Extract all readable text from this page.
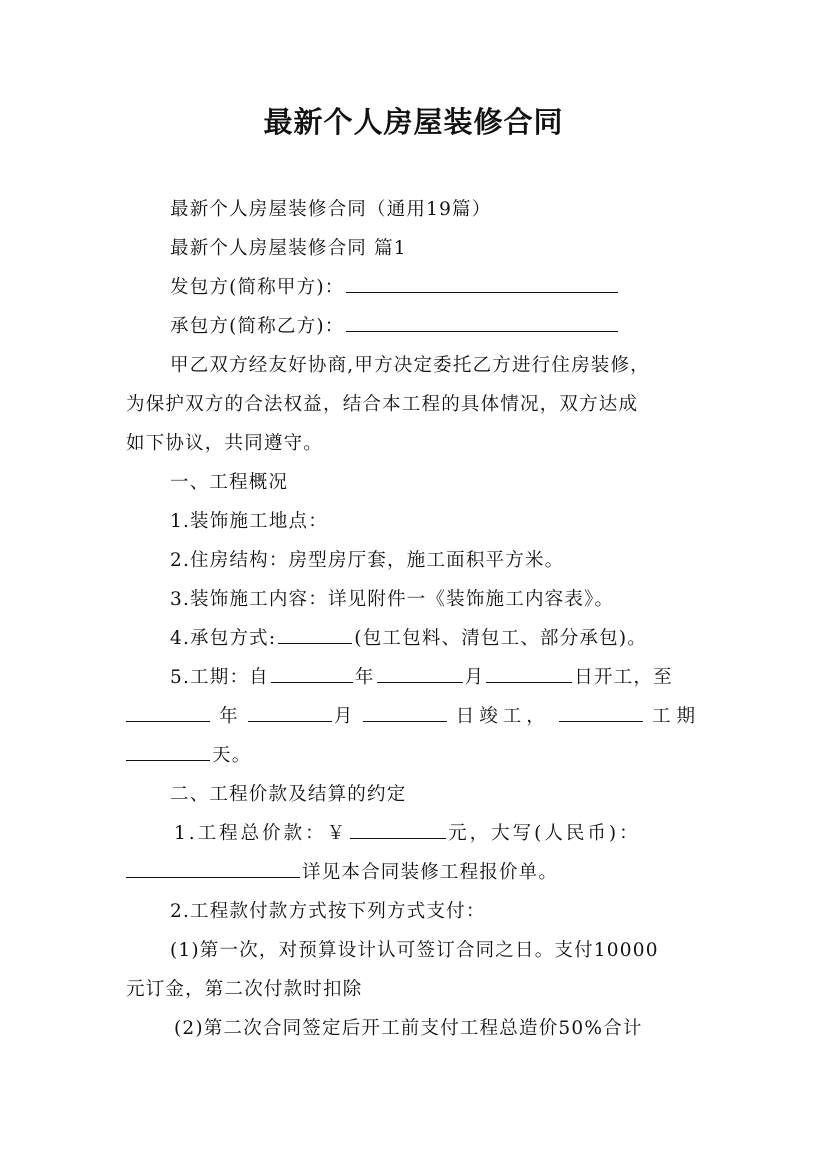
最新个人房屋装修合同
最新个人房屋装修合同（通用19篇）
最新个人房屋装修合同 篇1
发包方(简称甲方)：
承包方(简称乙方)：
甲乙双方经友好协商,甲方决定委托乙方进行住房装修，
为保护双方的合法权益，结合本工程的具体情况，双方达成
如下协议，共同遵守。
一、工程概况
1.装饰施工地点：
2.住房结构：房型房厅套，施工面积平方米。
3.装饰施工内容：详见附件一《装饰施工内容表》。
4.承包方式:	(包工包料、清包工、部分承包)。
5.工期：自	年	月	日开工，至
年	月	日竣工，	工期
天。
二、工程价款及结算的约定
1.工程总价款：￥	元，大写(人民币)：
详见本合同装修工程报价单。
2.工程款付款方式按下列方式支付：
(1)第一次，对预算设计认可签订合同之日。支付10000
元订金，第二次付款时扣除
(2)第二次合同签定后开工前支付工程总造价50%合计
